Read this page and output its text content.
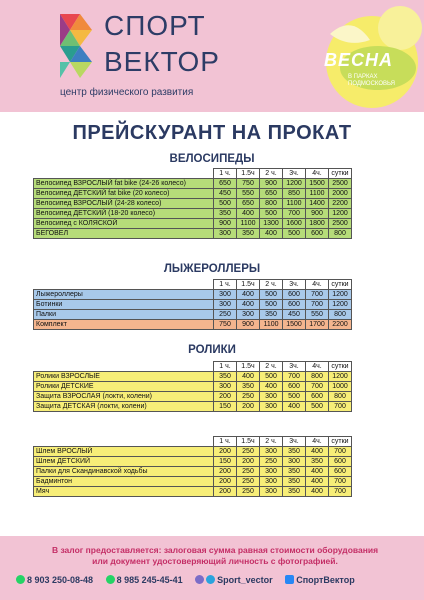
СПОРТ
ВЕКТОР
центр физического развития
ВЕСНА
В ПАРКАХ
ПОДМОСКОВЬЯ
ПРЕЙСКУРАНТ НА ПРОКАТ
ВЕЛОСИПЕДЫ
	1 ч.	1.5ч	2 ч.	3ч.	4ч.	сутки
Велосипед ВЗРОСЛЫЙ fat bike (24-26 колесо)	650	750	900	1200	1500	2500
Велосипед ДЕТСКИЙ fat bike (20 колесо)	450	550	650	850	1100	2000
Велосипед ВЗРОСЛЫЙ (24-28 колесо)	500	650	800	1100	1400	2200
Велосипед ДЕТСКИЙ (18-20 колесо)	350	400	500	700	900	1200
Велосипед с КОЛЯСКОЙ	900	1100	1300	1600	1800	2500
БЕГОВЕЛ	300	350	400	500	600	800
ЛЫЖЕРОЛЛЕРЫ
	1 ч.	1.5ч	2 ч.	3ч.	4ч.	сутки
Лыжероллеры	300	400	500	600	700	1200
Ботинки	300	400	500	600	700	1200
Палки	250	300	350	450	550	800
Комплект	750	900	1100	1500	1700	2200
РОЛИКИ
	1 ч.	1.5ч	2 ч.	3ч.	4ч.	сутки
Ролики ВЗРОСЛЫЕ	350	400	500	700	800	1200
Ролики ДЕТСКИЕ	300	350	400	600	700	1000
Защита ВЗРОСЛАЯ (локти, колени)	200	250	300	500	600	800
Защита ДЕТСКАЯ (локти, колени)	150	200	300	400	500	700
	1 ч.	1.5ч	2 ч.	3ч.	4ч.	сутки
Шлем ВРОСЛЫЙ	200	250	300	350	400	700
Шлем ДЕТСКИЙ	150	200	250	300	350	600
Палки для Скандинавской ходьбы	200	250	300	350	400	600
Бадминтон	200	250	300	350	400	700
Мяч	200	250	300	350	400	700
В залог предоставляется: залоговая сумма равная стоимости оборудования
или документ удостоверяющий личность с фотографией.
8 903 250-08-48	8 985 245-45-41	Sport_vector	СпортВектор
